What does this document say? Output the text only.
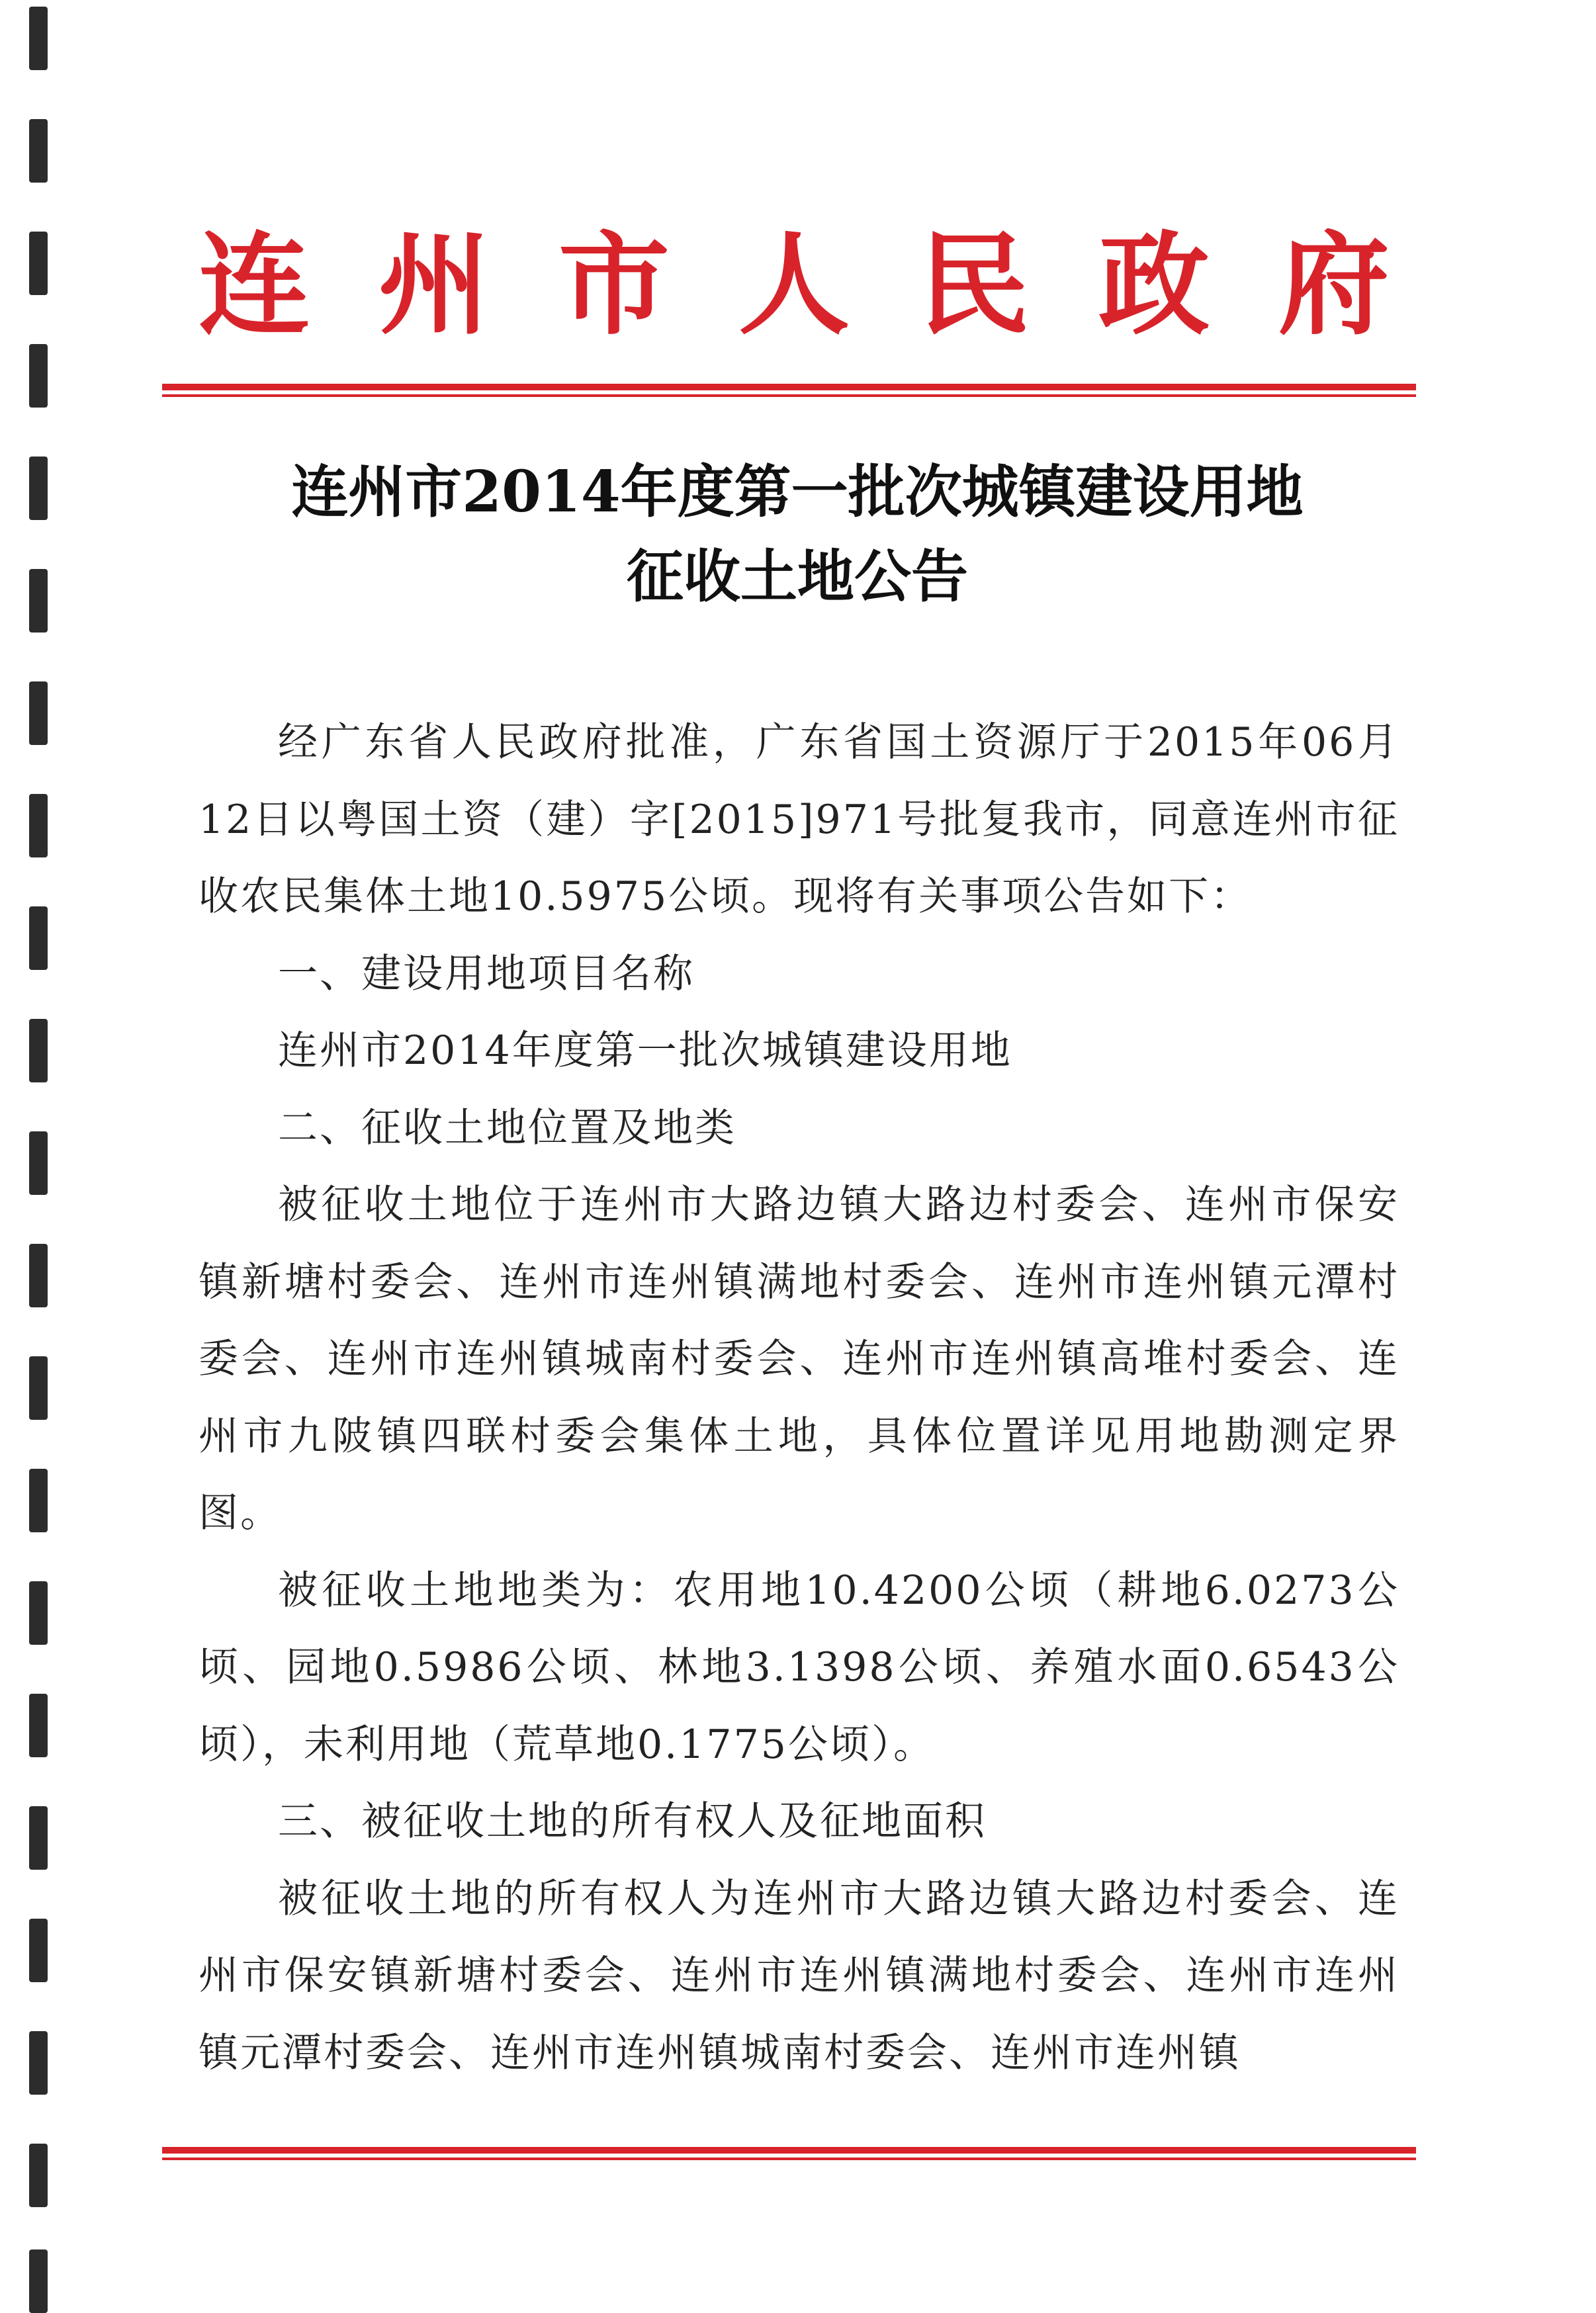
连 州 市 人 民 政 府
连州市2014年度第一批次城镇建设用地
征收土地公告

经广东省人民政府批准，广东省国土资源厅于2015年06月12日以粤国土资（建）字[2015]971号批复我市，同意连州市征收农民集体土地10.5975公顷。现将有关事项公告如下：

一、建设用地项目名称

连州市2014年度第一批次城镇建设用地

二、征收土地位置及地类

被征收土地位于连州市大路边镇大路边村委会、连州市保安镇新塘村委会、连州市连州镇满地村委会、连州市连州镇元潭村委会、连州市连州镇城南村委会、连州市连州镇高堆村委会、连州市九陂镇四联村委会集体土地，具体位置详见用地勘测定界图。

被征收土地地类为：农用地10.4200公顷（耕地6.0273公顷、园地0.5986公顷、林地3.1398公顷、养殖水面0.6543公顷），未利用地（荒草地0.1775公顷）。

三、被征收土地的所有权人及征地面积

被征收土地的所有权人为连州市大路边镇大路边村委会、连州市保安镇新塘村委会、连州市连州镇满地村委会、连州市连州镇元潭村委会、连州市连州镇城南村委会、连州市连州镇
